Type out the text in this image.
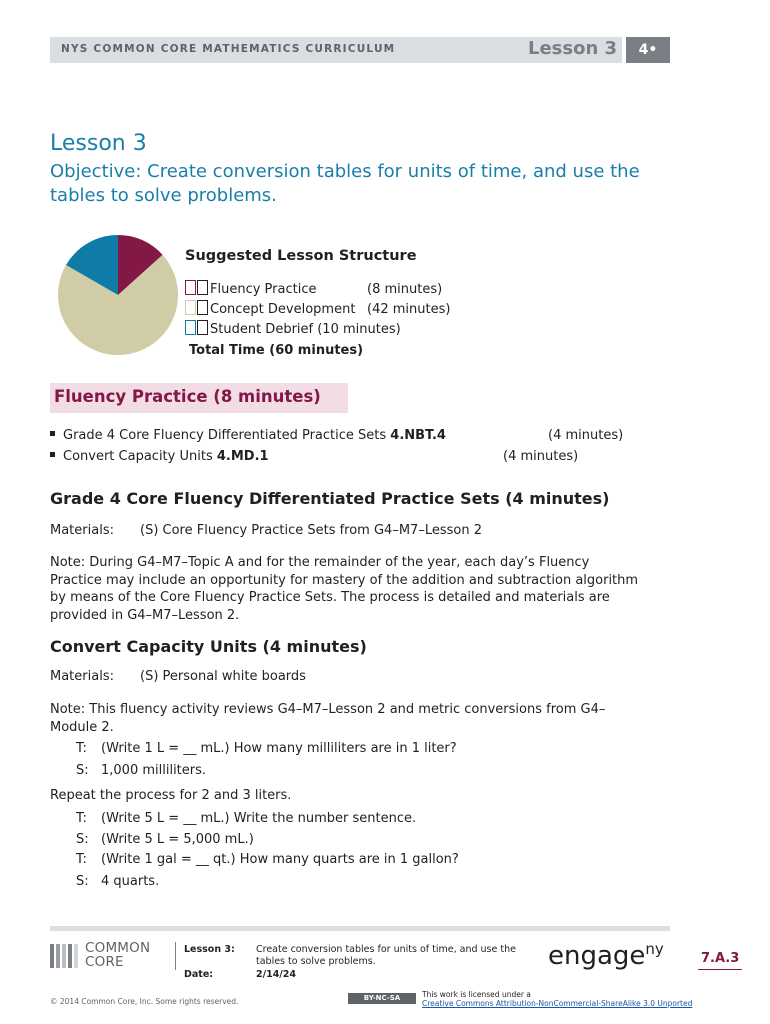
NYS COMMON CORE MATHEMATICS CURRICULUM	Lesson 3	4•
Lesson 3
Objective: Create conversion tables for units of time, and use the tables to solve problems.
Suggested Lesson Structure
Fluency Practice	(8 minutes)
Concept Development (42 minutes)
Student Debrief (10 minutes)
Total Time (60 minutes)
Fluency Practice (8 minutes)
Grade 4 Core Fluency Differentiated Practice Sets 4.NBT.4	(4 minutes)
Convert Capacity Units 4.MD.1	(4 minutes)
Grade 4 Core Fluency Differentiated Practice Sets (4 minutes)
Materials: (S) Core Fluency Practice Sets from G4–M7–Lesson 2
Note: During G4–M7–Topic A and for the remainder of the year, each day’s Fluency Practice may include an opportunity for mastery of the addition and subtraction algorithm by means of the Core Fluency Practice Sets. The process is detailed and materials are provided in G4–M7–Lesson 2.
Convert Capacity Units (4 minutes)
Materials: (S) Personal white boards
Note: This fluency activity reviews G4–M7–Lesson 2 and metric conversions from G4–Module 2.
T: (Write 1 L = __ mL.) How many milliliters are in 1 liter?
S: 1,000 milliliters.
Repeat the process for 2 and 3 liters.
T: (Write 5 L = __ mL.) Write the number sentence.
S: (Write 5 L = 5,000 mL.)
T: (Write 1 gal = __ qt.) How many quarts are in 1 gallon?
S: 4 quarts.
COMMON
CORE
Lesson 3: Create conversion tables for units of time, and use the tables to solve problems.
Date:	2/14/24
engage$^{ny}$
7.A.3
© 2014 Common Core, Inc. Some rights reserved.	BY-NC-SA	This work is licensed under a
Creative Commons Attribution-NonCommercial-ShareAlike 3.0 Unported
